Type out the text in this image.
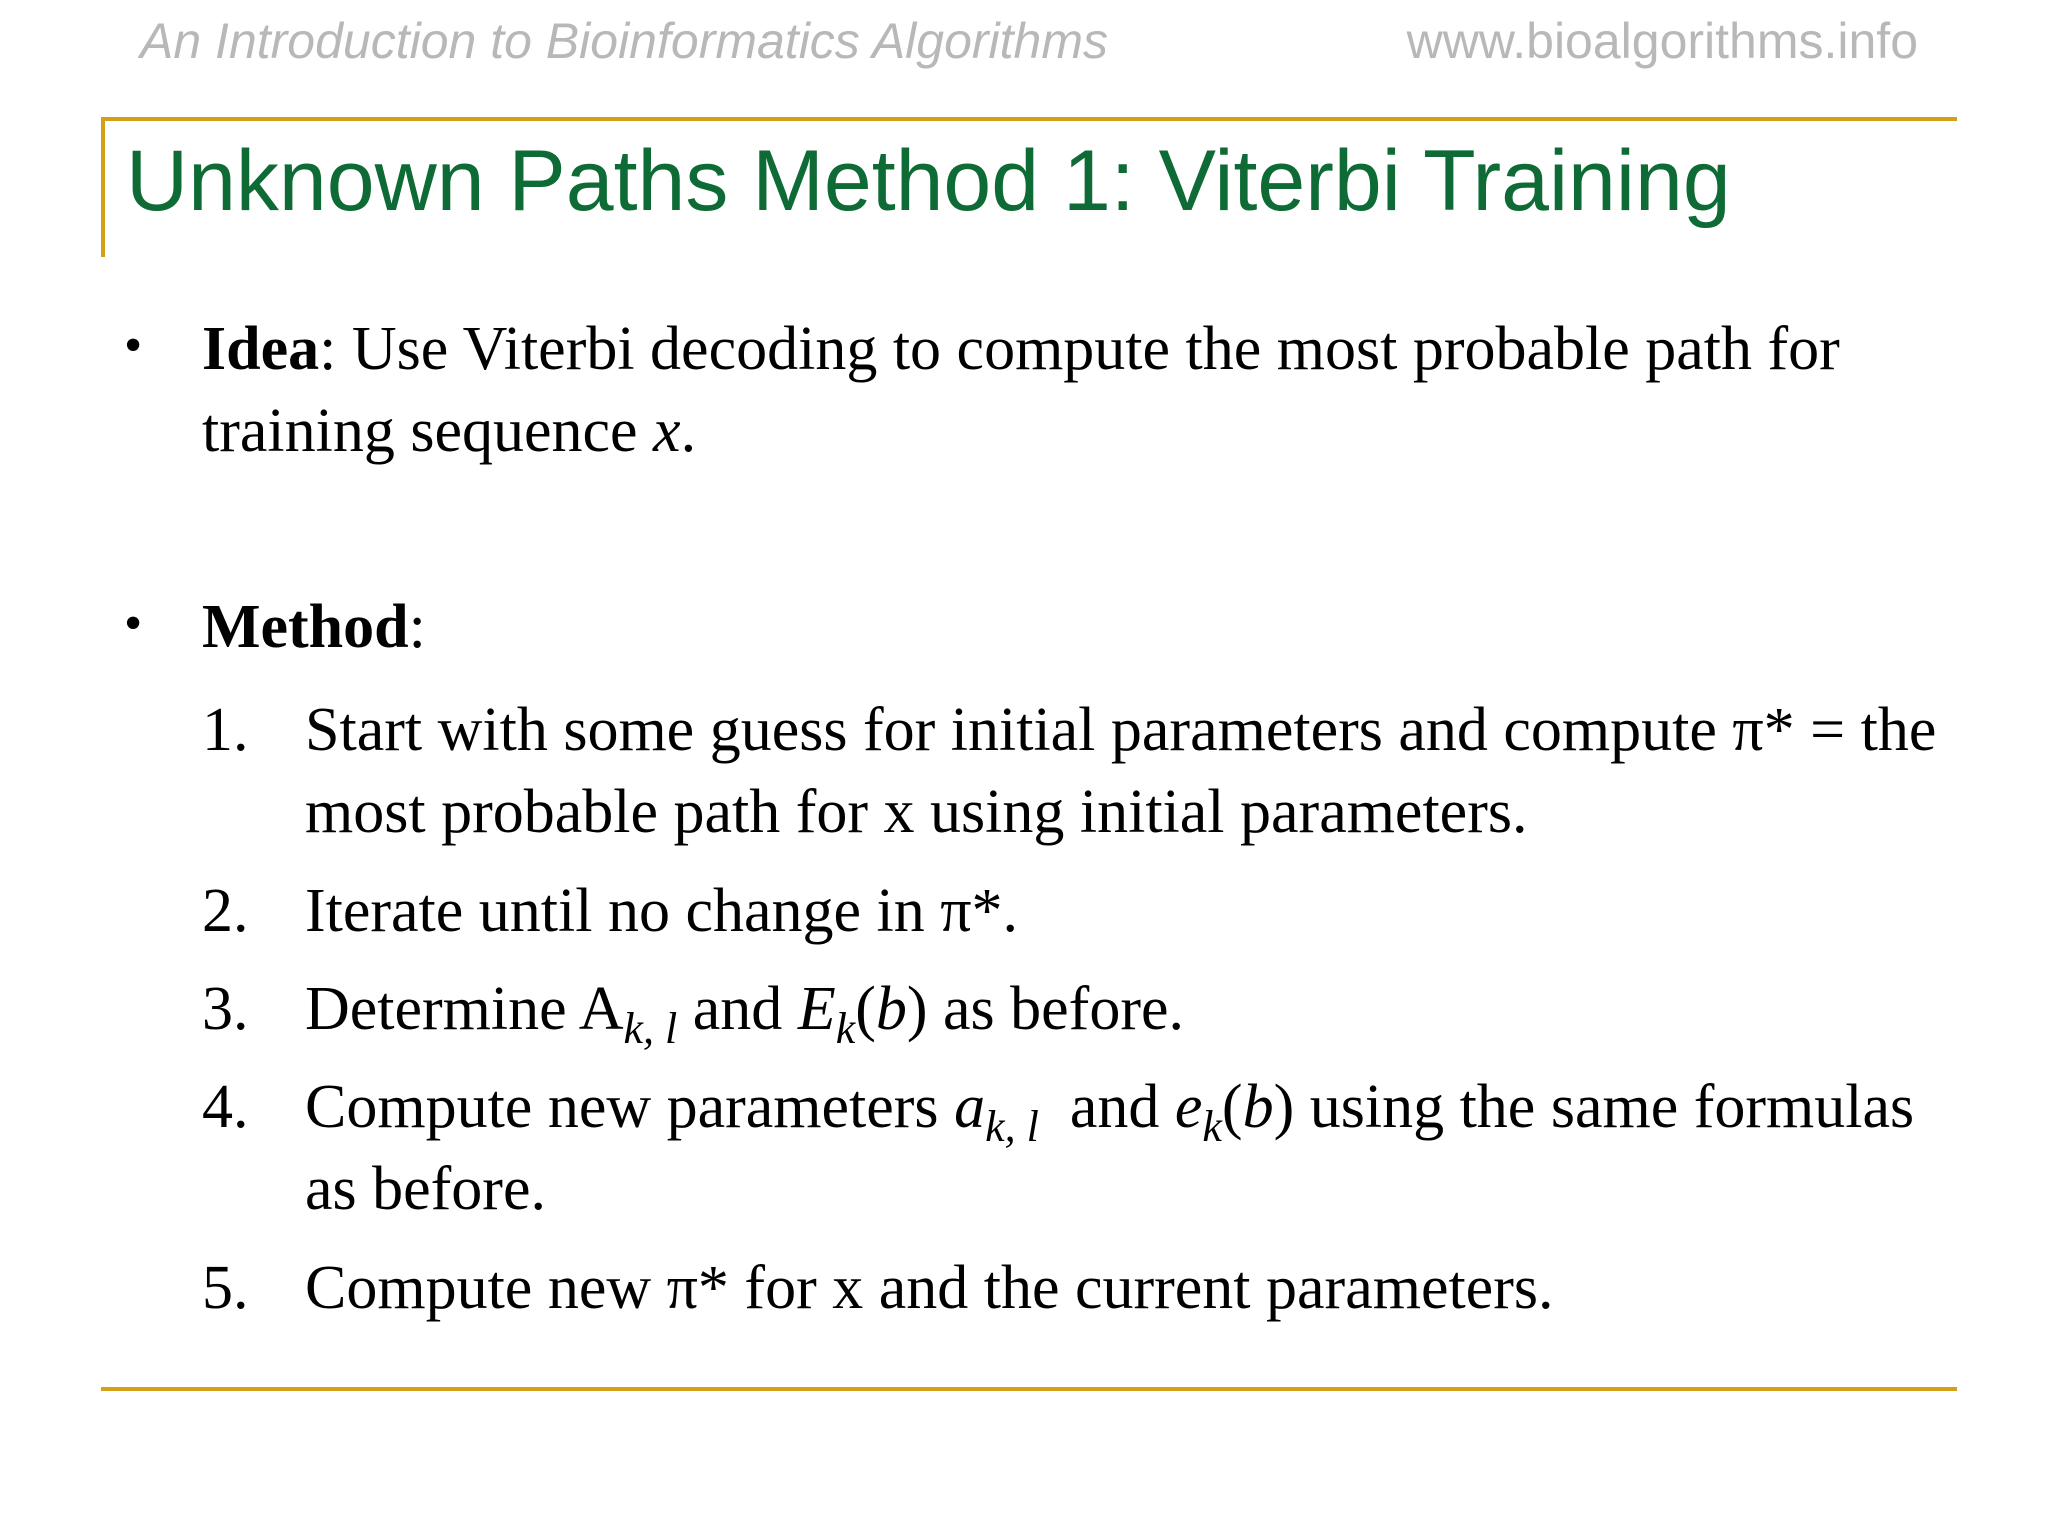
An Introduction to Bioinformatics Algorithms	www.bioalgorithms.info
Unknown Paths Method 1: Viterbi Training
• Idea: Use Viterbi decoding to compute the most probable path for training sequence x.
• Method:
1. Start with some guess for initial parameters and compute π* = the most probable path for x using initial parameters.
2. Iterate until no change in π*.
3. Determine $A_{k, l}$ and $E_k(b)$ as before.
4. Compute new parameters $a_{k, l}$  and $e_k(b)$ using the same formulas as before.
5. Compute new π* for x and the current parameters.
